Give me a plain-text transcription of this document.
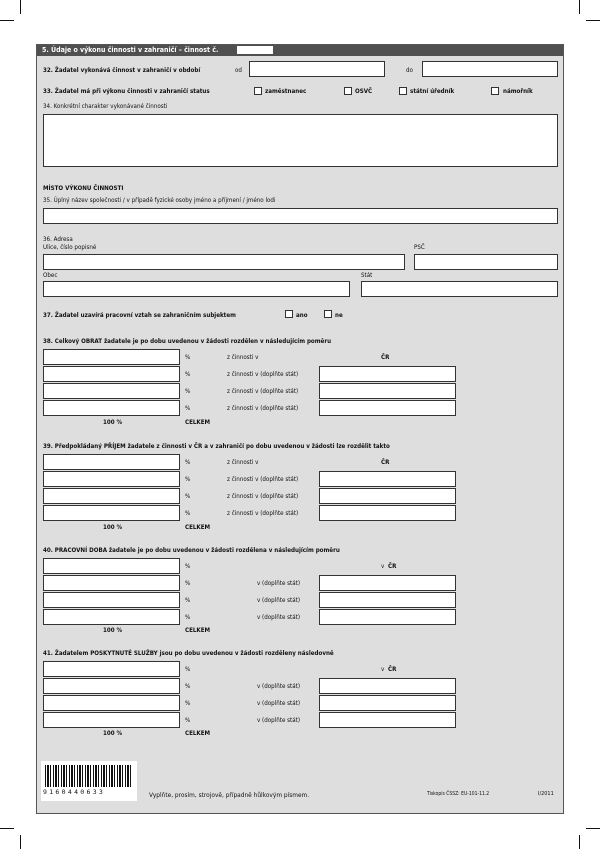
5. Údaje o výkonu činnosti v zahraničí – činnost č.
32. Žadatel vykonává činnost v zahraničí v období	od	do
33. Žadatel má při výkonu činnosti v zahraničí status	zaměstnanec	OSVČ	státní úředník	námořník
34. Konkrétní charakter vykonávané činnosti
MÍSTO VÝKONU ČINNOSTI
35. Úplný název společnosti / v případě fyzické osoby jméno a příjmení / jméno lodi
36. Adresa
Ulice, číslo popisné	PSČ
Obec	Stát
37. Žadatel uzavírá pracovní vztah se zahraničním subjektem	ano	ne
38. Celkový OBRAT žadatele je po dobu uvedenou v žádosti rozdělen v následujícím poměru
%	z činnosti v	ČR
%	z činnosti v (doplňte stát)
%	z činnosti v (doplňte stát)
%	z činnosti v (doplňte stát)
100 %	CELKEM
39. Předpokládaný PŘÍJEM žadatele z činnosti v ČR a v zahraničí po dobu uvedenou v žádosti lze rozdělit takto
%	z činnosti v	ČR
%	z činnosti v (doplňte stát)
%	z činnosti v (doplňte stát)
%	z činnosti v (doplňte stát)
100 %	CELKEM
40. PRACOVNÍ DOBA žadatele je po dobu uvedenou v žádosti rozdělena v následujícím poměru
%	v ČR
%	v (doplňte stát)
%	v (doplňte stát)
%	v (doplňte stát)
100 %	CELKEM
41. Žadatelem POSKYTNUTÉ SLUŽBY jsou po dobu uvedenou v žádosti rozděleny následovně
%	v ČR
%	v (doplňte stát)
%	v (doplňte stát)
%	v (doplňte stát)
100 %	CELKEM
9160440633	Vyplňte, prosím, strojově, případně hůlkovým písmem.	Tiskopis ČSSZ: EU-101-11.2	I/2011
